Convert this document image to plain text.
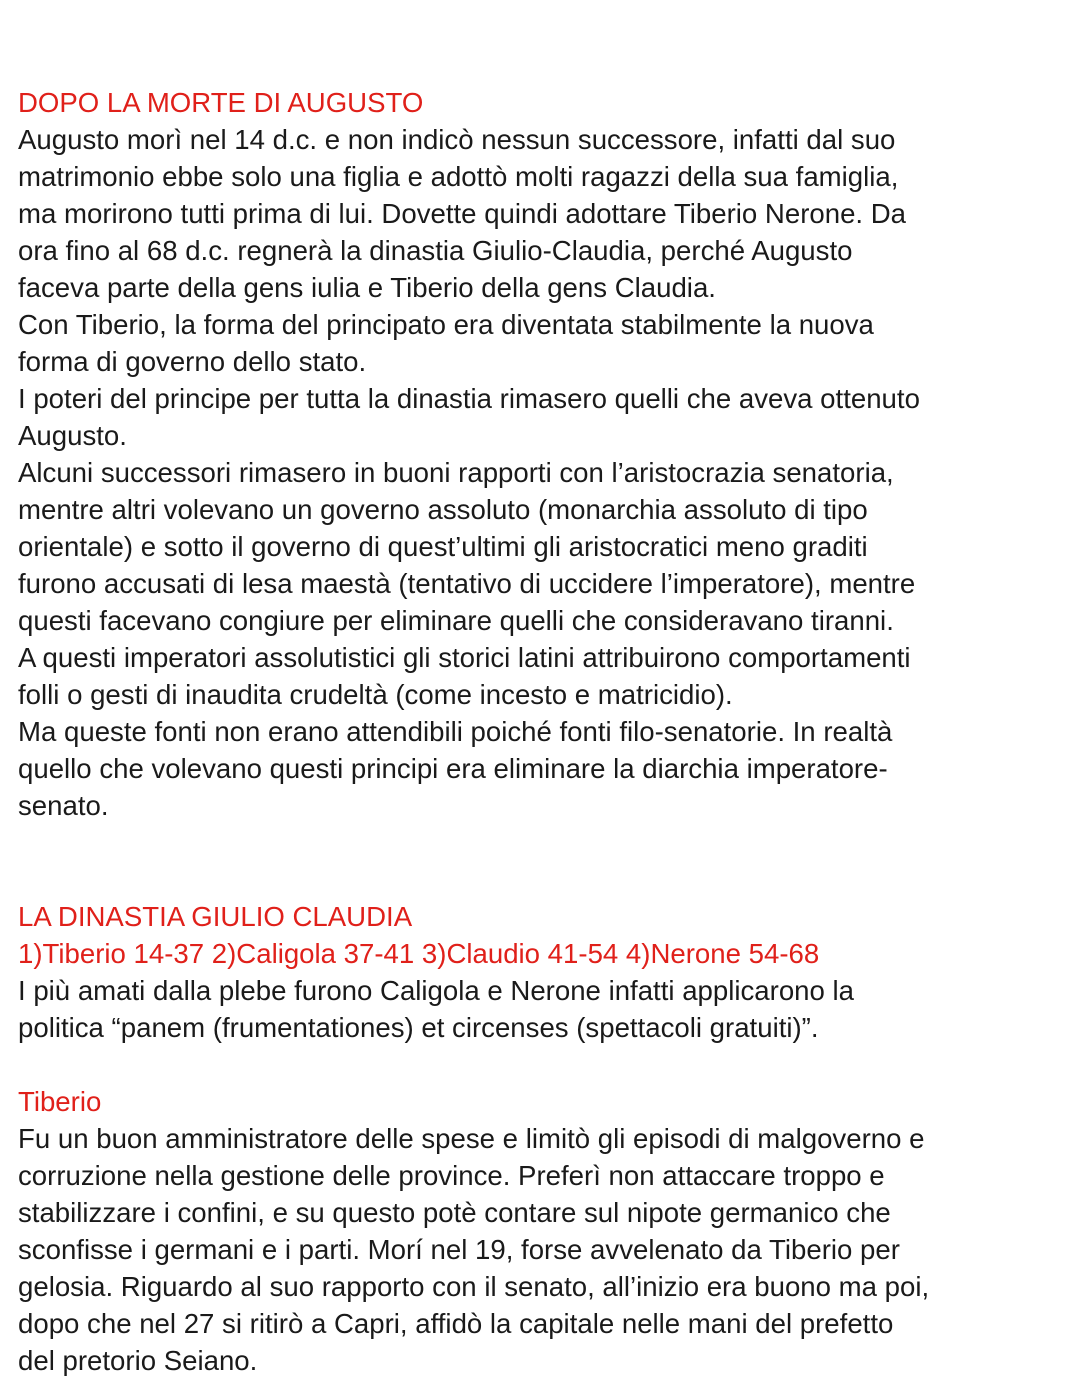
DOPO LA MORTE DI AUGUSTO

Augusto morì nel 14 d.c. e non indicò nessun successore, infatti dal suo

matrimonio ebbe solo una figlia e adottò molti ragazzi della sua famiglia,

ma morirono tutti prima di lui. Dovette quindi adottare Tiberio Nerone. Da

ora fino al 68 d.c. regnerà la dinastia Giulio-Claudia, perché Augusto

faceva parte della gens iulia e Tiberio della gens Claudia.

Con Tiberio, la forma del principato era diventata stabilmente la nuova

forma di governo dello stato.

I poteri del principe per tutta la dinastia rimasero quelli che aveva ottenuto

Augusto.

Alcuni successori rimasero in buoni rapporti con l’aristocrazia senatoria,

mentre altri volevano un governo assoluto (monarchia assoluto di tipo

orientale) e sotto il governo di quest’ultimi gli aristocratici meno graditi

furono accusati di lesa maestà (tentativo di uccidere l’imperatore), mentre

questi facevano congiure per eliminare quelli che consideravano tiranni.

A questi imperatori assolutistici gli storici latini attribuirono comportamenti

folli o gesti di inaudita crudeltà (come incesto e matricidio).

Ma queste fonti non erano attendibili poiché fonti filo-senatorie. In realtà

quello che volevano questi principi era eliminare la diarchia imperatore-

senato.

LA DINASTIA GIULIO CLAUDIA

1)Tiberio 14-37 2)Caligola 37-41 3)Claudio 41-54 4)Nerone 54-68

I più amati dalla plebe furono Caligola e Nerone infatti applicarono la

politica “panem (frumentationes) et circenses (spettacoli gratuiti)”.

Tiberio

Fu un buon amministratore delle spese e limitò gli episodi di malgoverno e

corruzione nella gestione delle province. Preferì non attaccare troppo e

stabilizzare i confini, e su questo potè contare sul nipote germanico che

sconfisse i germani e i parti. Morí nel 19, forse avvelenato da Tiberio per

gelosia. Riguardo al suo rapporto con il senato, all’inizio era buono ma poi,

dopo che nel 27 si ritirò a Capri, affidò la capitale nelle mani del prefetto

del pretorio Seiano.
